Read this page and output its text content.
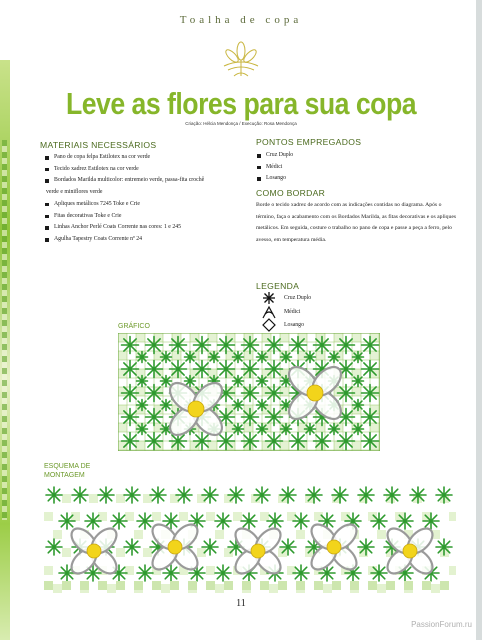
Toalha de copa
Leve as flores para sua copa
Criação: Hélcia Mendonça / Execução: Rosa Mendonça
MATERIAIS NECESSÁRIOS
Pano de copa felpa Estilotex na cor verde
Tecido xadrez Estilotex na cor verde
Bordados Marilda multicolor: entremeio verde, passa-fita crochê
verde e miniflores verde
Apliques metálicos 7245 Toke e Crie
Fitas decorativas Toke e Crie
Linhas Anchor Perlé Coats Corrente nas cores: 1 e 245
Agulha Tapestry Coats Corrente nº 24
PONTOS EMPREGADOS
Cruz Duplo
Médici
Losango
COMO BORDAR
Borde o tecido xadrez de acordo com as indicações contidas no diagrama. Após o término, faça o acabamento com os Bordados Marilda, as fitas decorativas e os apliques metálicos. Em seguida, costure o trabalho no pano de copa e passe a peça a ferro, pelo avesso, em temperatura média.
LEGENDA
Cruz Duplo
Médici
Losango
GRÁFICO
ESQUEMA DE
MONTAGEM
11
PassionForum.ru
